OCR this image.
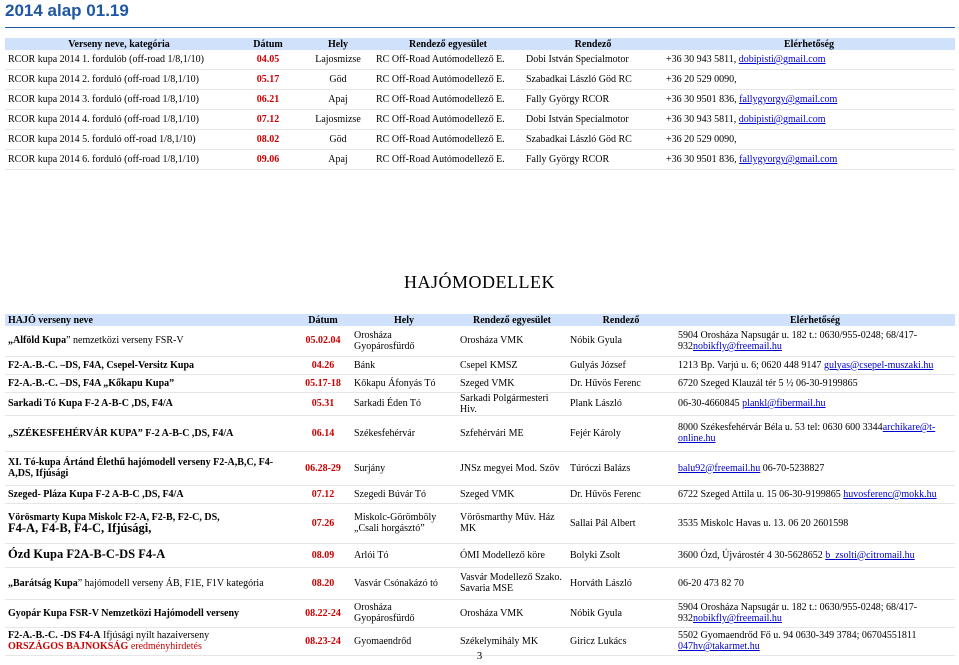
2014 alap 01.19
Verseny neve, kategória	Dátum	Hely	Rendező egyesület	Rendező	Elérhetőség
RCOR kupa 2014 1. fordulób (off-road 1/8,1/10)	04.05	Lajosmizse	RC Off-Road Autómodellező E.	Dobi István Specialmotor	+36 30 943 5811, dobipisti@gmail.com
RCOR kupa 2014 2. forduló (off-road 1/8,1/10)	05.17	Göd	RC Off-Road Autómodellező E.	Szabadkai László Göd RC	+36 20 529 0090,
RCOR kupa 2014 3. forduló (off-road 1/8,1/10)	06.21	Apaj	RC Off-Road Autómodellező E.	Fally György RCOR	+36 30 9501 836, fallygyorgy@gmail.com
RCOR kupa 2014 4. forduló (off-road 1/8,1/10)	07.12	Lajosmizse	RC Off-Road Autómodellező E.	Dobi István Specialmotor	+36 30 943 5811, dobipisti@gmail.com
RCOR kupa 2014 5. forduló off-road 1/8,1/10)	08.02	Göd	RC Off-Road Autómodellező E.	Szabadkai László Göd RC	+36 20 529 0090,
RCOR kupa 2014 6. forduló (off-road 1/8,1/10)	09.06	Apaj	RC Off-Road Autómodellező E.	Fally György RCOR	+36 30 9501 836, fallygyorgy@gmail.com
HAJÓMODELLEK
HAJÓ verseny neve	Dátum	Hely	Rendező egyesület	Rendező	Elérhetőség
„Alföld Kupa” nemzetközi verseny FSR-V	05.02.04	Orosháza Gyopárosfürdő	Orosháza VMK	Nóbik Gyula	5904 Orosháza Napsugár u. 182 t.: 0630/955-0248; 68/417-932nobikfly@freemail.hu
F2-A.-B.-C. –DS, F4A, Csepel-Versitz Kupa	04.26	Bánk	Csepel KMSZ	Gulyás József	1213 Bp. Varjú u. 6; 0620 448 9147 gulyas@csepel-muszaki.hu
F2-A.-B.-C. –DS, F4A „Kőkapu Kupa”	05.17-18	Kőkapu Áfonyás Tó	Szeged VMK	Dr. Hűvös Ferenc	6720 Szeged Klauzál tér 5 ½ 06-30-9199865
Sarkadi Tó Kupa F-2 A-B-C ,DS, F4/A	05.31	Sarkadi Éden Tó	Sarkadi Polgármesteri Hiv.	Plank László	06-30-4660845 plankl@fibermail.hu
„SZÉKESFEHÉRVÁR KUPA” F-2 A-B-C ,DS, F4/A	06.14	Székesfehérvár	Szfehérvári ME	Fejér Károly	8000 Székesfehérvár Béla u. 53 tel: 0630 600 3344archikare@t-online.hu
XI. Tó-kupa Ártánd Élethű hajómodell verseny F2-A,B,C, F4-A,DS, Ifjúsági	06.28-29	Surjány	JNSz megyei Mod. Szöv	Túróczi Balázs	balu92@freemail.hu 06-70-5238827
Szeged- Pláza Kupa F-2 A-B-C ,DS, F4/A	07.12	Szegedi Búvár Tó	Szeged VMK	Dr. Hűvös Ferenc	6722 Szeged Attila u. 15 06-30-9199865 huvosferenc@mokk.hu
Vörösmarty Kupa Miskolc F2-A, F2-B, F2-C, DS,
F4-A, F4-B, F4-C, Ifjúsági,	07.26	Miskolc-Görömböly „Csali horgásztó”	Vörösmarthy Műv. Ház MK	Sallai Pál Albert	3535 Miskolc Havas u. 13. 06 20 2601598
Ózd Kupa F2A-B-C-DS F4-A	08.09	Arlói Tó	ÓMI Modellező köre	Bolyki Zsolt	3600 Ózd, Újvárostér 4 30-5628652 b_zsolti@citromail.hu
„Barátság Kupa” hajómodell verseny ÁB, F1E, F1V kategória	08.20	Vasvár Csónakázó tó	Vasvár Modellező Szako. Savaria MSE	Horváth László	06-20 473 82 70
Gyopár Kupa FSR-V Nemzetközi Hajómodell verseny	08.22-24	Orosháza Gyopárosfürdő	Orosháza VMK	Nóbik Gyula	5904 Orosháza Napsugár u. 182 t.: 0630/955-0248; 68/417-932nobikfly@freemail.hu
F2-A.-B.-C. -DS F4-A Ifjúsági nyílt hazaiverseny
ORSZÁGOS BAJNOKSÁG eredményhirdetés	08.23-24	Gyomaendrőd	Székelymihály MK	Giricz Lukács	5502 Gyomaendrőd Fő u. 94 0630-349 3784; 06704551811 047hv@takarmet.hu
3
